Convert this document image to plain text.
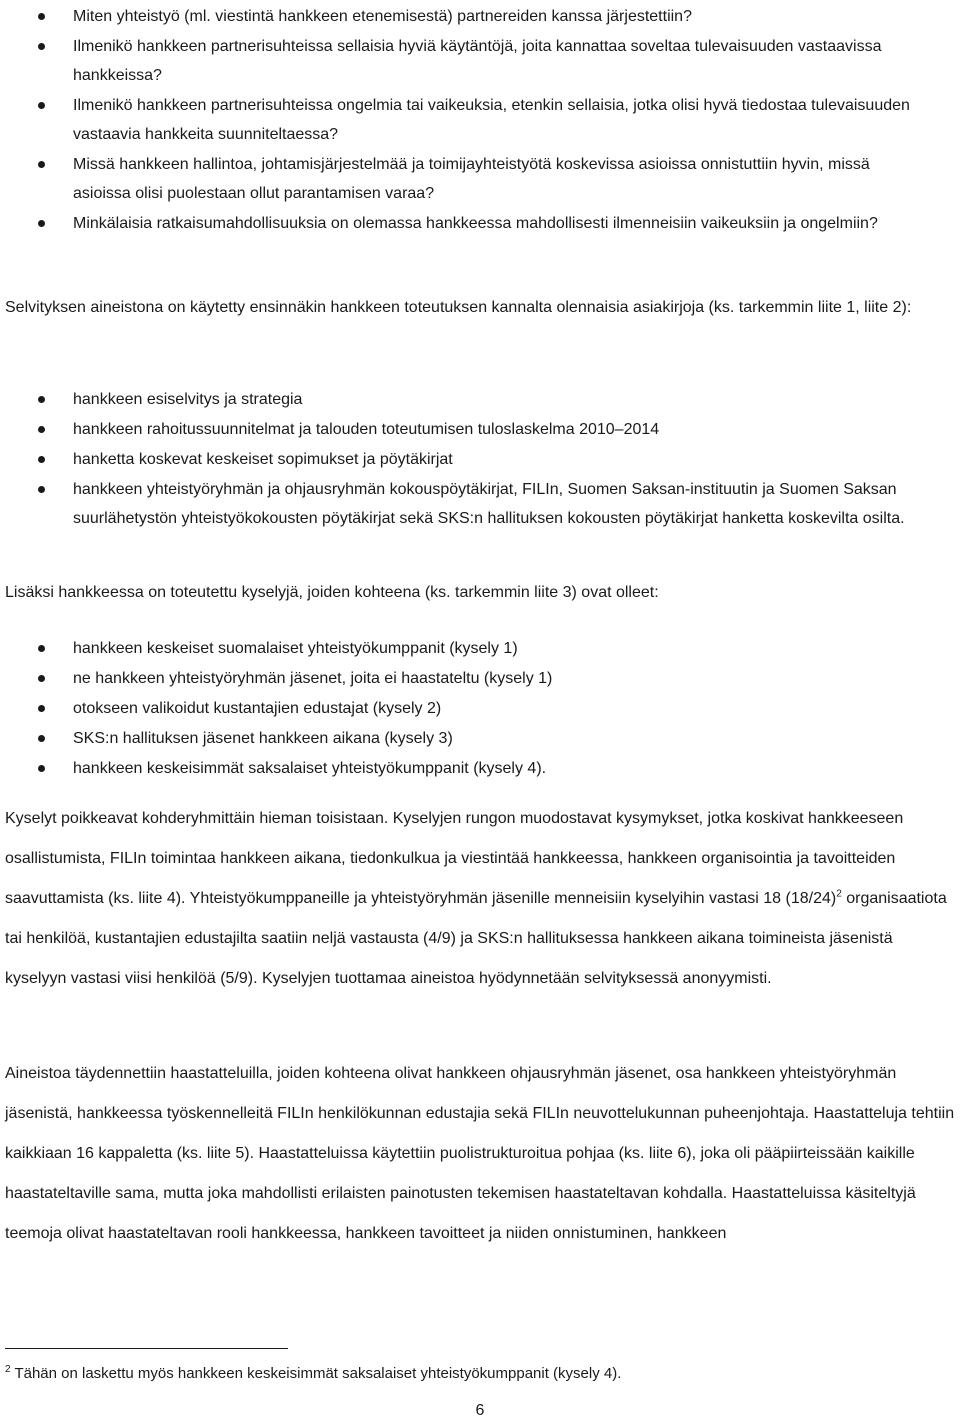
Miten yhteistyö (ml. viestintä hankkeen etenemisestä) partnereiden kanssa järjestettiin?
Ilmenikö hankkeen partnerisuhteissa sellaisia hyviä käytäntöjä, joita kannattaa soveltaa tulevaisuuden vastaavissa hankkeissa?
Ilmenikö hankkeen partnerisuhteissa ongelmia tai vaikeuksia, etenkin sellaisia, jotka olisi hyvä tiedostaa tulevaisuuden vastaavia hankkeita suunniteltaessa?
Missä hankkeen hallintoa, johtamisjärjestelmää ja toimijayhteistyötä koskevissa asioissa onnistuttiin hyvin, missä asioissa olisi puolestaan ollut parantamisen varaa?
Minkälaisia ratkaisumahdollisuuksia on olemassa hankkeessa mahdollisesti ilmenneisiin vaikeuksiin ja ongelmiin?

Selvityksen aineistona on käytetty ensinnäkin hankkeen toteutuksen kannalta olennaisia asiakirjoja (ks. tarkemmin liite 1, liite 2):

hankkeen esiselvitys ja strategia
hankkeen rahoitussuunnitelmat ja talouden toteutumisen tuloslaskelma 2010–2014
hanketta koskevat keskeiset sopimukset ja pöytäkirjat
hankkeen yhteistyöryhmän ja ohjausryhmän kokouspöytäkirjat, FILIn, Suomen Saksan-instituutin ja Suomen Saksan suurlähetystön yhteistyökokousten pöytäkirjat sekä SKS:n hallituksen kokousten pöytäkirjat hanketta koskevilta osilta.

Lisäksi hankkeessa on toteutettu kyselyjä, joiden kohteena (ks. tarkemmin liite 3) ovat olleet:

hankkeen keskeiset suomalaiset yhteistyökumppanit (kysely 1)
ne hankkeen yhteistyöryhmän jäsenet, joita ei haastateltu (kysely 1)
otokseen valikoidut kustantajien edustajat (kysely 2)
SKS:n hallituksen jäsenet hankkeen aikana (kysely 3)
hankkeen keskeisimmät saksalaiset yhteistyökumppanit (kysely 4).

Kyselyt poikkeavat kohderyhmittäin hieman toisistaan. Kyselyjen rungon muodostavat kysymykset, jotka koskivat hankkeeseen osallistumista, FILIn toimintaa hankkeen aikana, tiedonkulkua ja viestintää hankkeessa, hankkeen organisointia ja tavoitteiden saavuttamista (ks. liite 4). Yhteistyökumppaneille ja yhteistyöryhmän jäsenille menneisiin kyselyihin vastasi 18 $(18/24)^2$ organisaatiota tai henkilöä, kustantajien edustajilta saatiin neljä vastausta (4/9) ja SKS:n hallituksessa hankkeen aikana toimineista jäsenistä kyselyyn vastasi viisi henkilöä (5/9). Kyselyjen tuottamaa aineistoa hyödynnetään selvityksessä anonyymisti.

Aineistoa täydennettiin haastatteluilla, joiden kohteena olivat hankkeen ohjausryhmän jäsenet, osa hankkeen yhteistyöryhmän jäsenistä, hankkeessa työskennelleitä FILIn henkilökunnan edustajia sekä FILIn neuvottelukunnan puheenjohtaja. Haastatteluja tehtiin kaikkiaan 16 kappaletta (ks. liite 5). Haastatteluissa käytettiin puolistrukturoitua pohjaa (ks. liite 6), joka oli pääpiirteissään kaikille haastateltaville sama, mutta joka mahdollisti erilaisten painotusten tekemisen haastateltavan kohdalla. Haastatteluissa käsiteltyjä teemoja olivat haastateltavan rooli hankkeessa, hankkeen tavoitteet ja niiden onnistuminen, hankkeen

$^2$ Tähän on laskettu myös hankkeen keskeisimmät saksalaiset yhteistyökumppanit (kysely 4).
6
